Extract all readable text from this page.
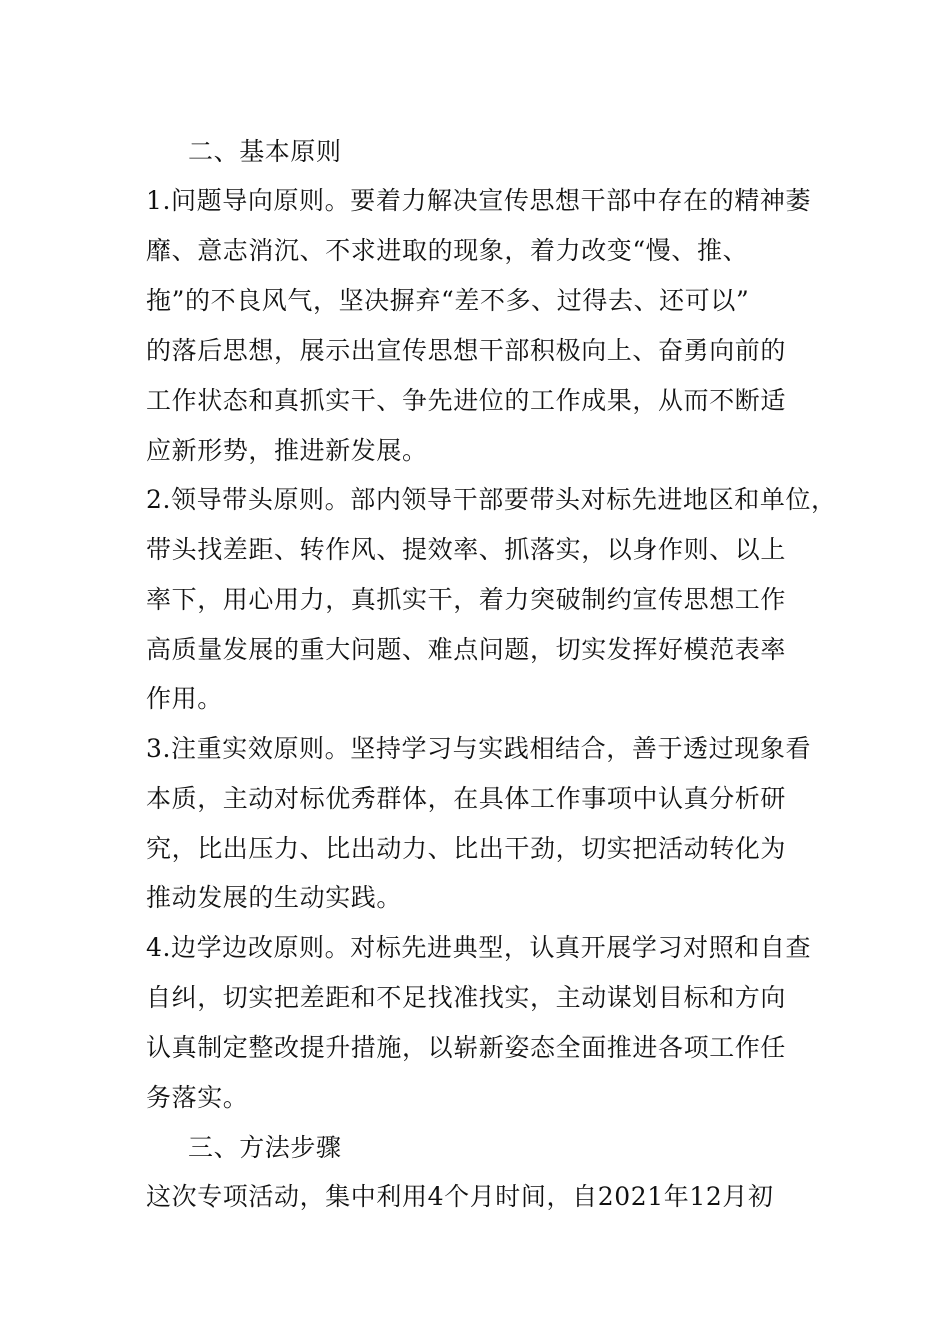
二、基本原则

1.问题导向原则。要着力解决宣传思想干部中存在的精神萎

靡、意志消沉、不求进取的现象，着力改变“慢、推、

拖”的不良风气，坚决摒弃“差不多、过得去、还可以”

的落后思想，展示出宣传思想干部积极向上、奋勇向前的

工作状态和真抓实干、争先进位的工作成果，从而不断适

应新形势，推进新发展。

2.领导带头原则。部内领导干部要带头对标先进地区和单位，

带头找差距、转作风、提效率、抓落实，以身作则、以上

率下，用心用力，真抓实干，着力突破制约宣传思想工作

高质量发展的重大问题、难点问题，切实发挥好模范表率

作用。

3.注重实效原则。坚持学习与实践相结合，善于透过现象看

本质，主动对标优秀群体，在具体工作事项中认真分析研

究，比出压力、比出动力、比出干劲，切实把活动转化为

推动发展的生动实践。

4.边学边改原则。对标先进典型，认真开展学习对照和自查

自纠，切实把差距和不足找准找实，主动谋划目标和方向

认真制定整改提升措施，以崭新姿态全面推进各项工作任

务落实。

三、方法步骤

这次专项活动，集中利用4个月时间，自2021年12月初
